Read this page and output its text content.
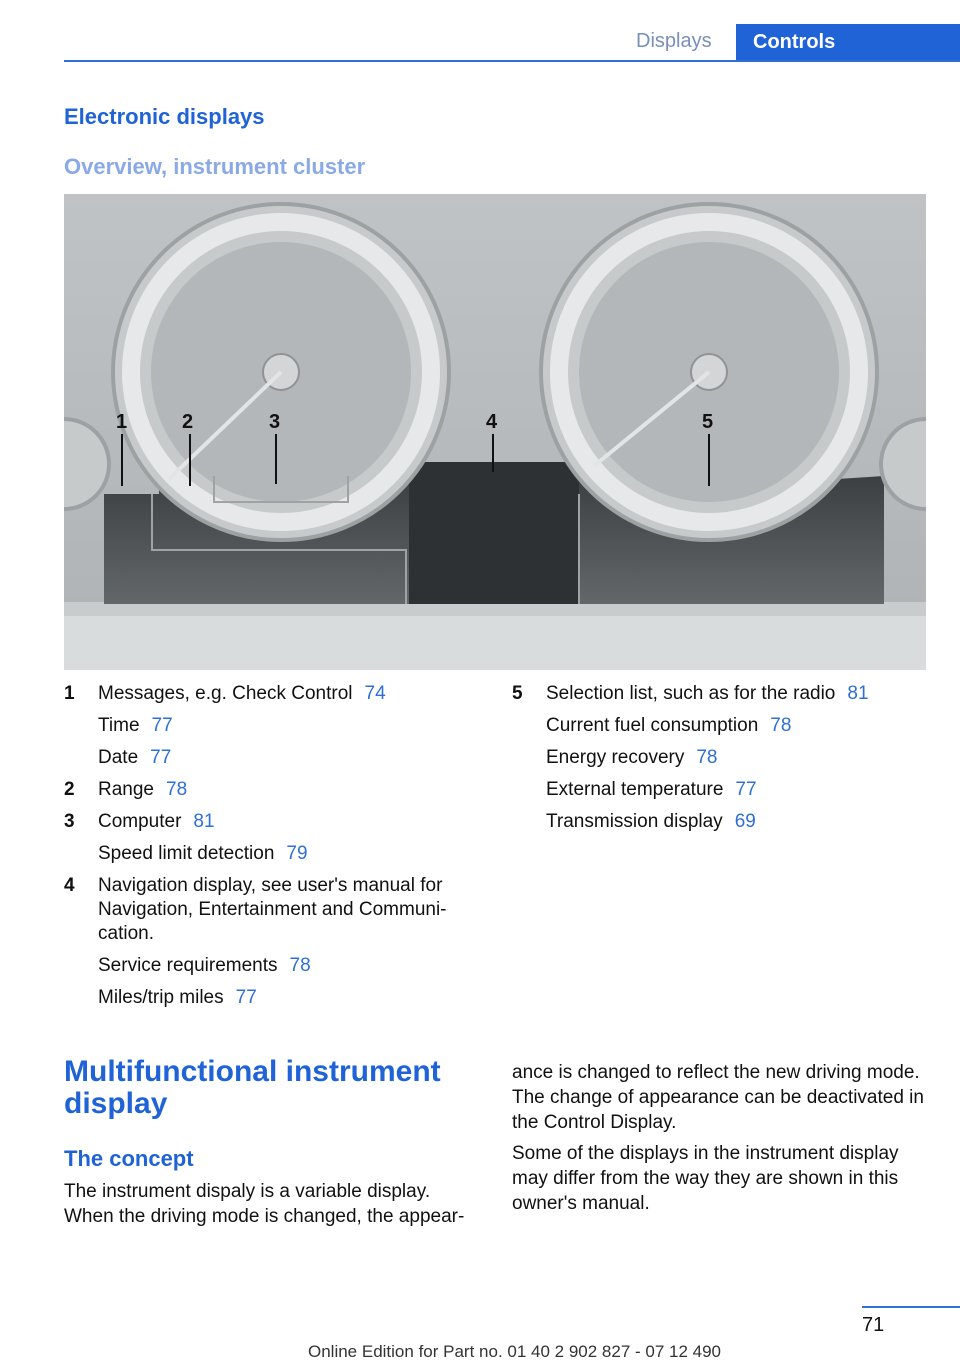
Displays	Controls
Electronic displays
Overview, instrument cluster
1	2	3	4	5
1	Messages, e.g. Check Control 74
Time 77
Date 77
2	Range 78
3	Computer 81
Speed limit detection 79
4	Navigation display, see user's manual for Navigation, Entertainment and Communi-cation.
Service requirements 78
Miles/trip miles 77
5	Selection list, such as for the radio 81
Current fuel consumption 78
Energy recovery 78
External temperature 77
Transmission display 69
Multifunctional instrument display
The concept
The instrument dispaly is a variable display. When the driving mode is changed, the appear-
ance is changed to reflect the new driving mode. The change of appearance can be deactivated in the Control Display.
Some of the displays in the instrument display may differ from the way they are shown in this owner's manual.
71
Online Edition for Part no. 01 40 2 902 827 - 07 12 490
